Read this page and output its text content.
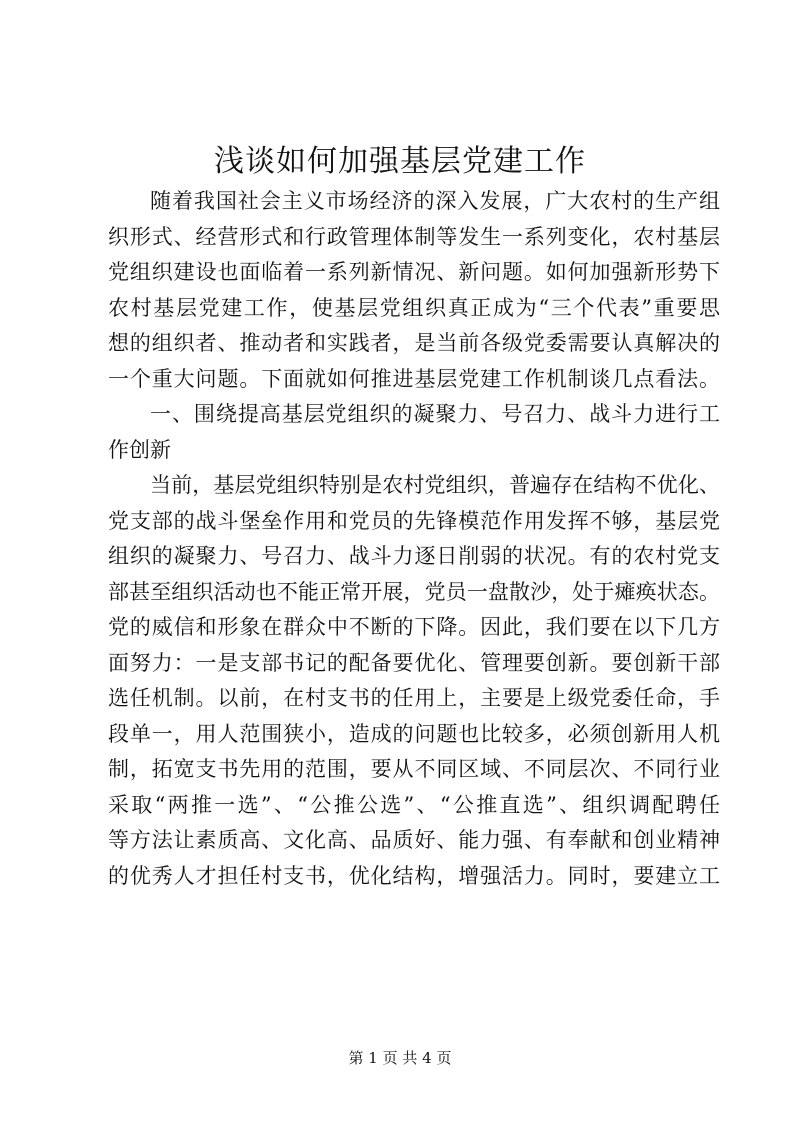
浅谈如何加强基层党建工作
随着我国社会主义市场经济的深入发展，广大农村的生产组
织形式、经营形式和行政管理体制等发生一系列变化，农村基层
党组织建设也面临着一系列新情况、新问题。如何加强新形势下
农村基层党建工作，使基层党组织真正成为“三个代表”重要思
想的组织者、推动者和实践者，是当前各级党委需要认真解决的
一个重大问题。下面就如何推进基层党建工作机制谈几点看法。
一、围绕提高基层党组织的凝聚力、号召力、战斗力进行工
作创新
当前，基层党组织特别是农村党组织，普遍存在结构不优化、
党支部的战斗堡垒作用和党员的先锋模范作用发挥不够，基层党
组织的凝聚力、号召力、战斗力逐日削弱的状况。有的农村党支
部甚至组织活动也不能正常开展，党员一盘散沙，处于瘫痪状态。
党的威信和形象在群众中不断的下降。因此，我们要在以下几方
面努力：一是支部书记的配备要优化、管理要创新。要创新干部
选任机制。以前，在村支书的任用上，主要是上级党委任命，手
段单一，用人范围狭小，造成的问题也比较多，必须创新用人机
制，拓宽支书先用的范围，要从不同区域、不同层次、不同行业
采取“两推一选”、“公推公选”、“公推直选”、组织调配聘任
等方法让素质高、文化高、品质好、能力强、有奉献和创业精神
的优秀人才担任村支书，优化结构，增强活力。同时，要建立工
第 1 页 共 4 页
